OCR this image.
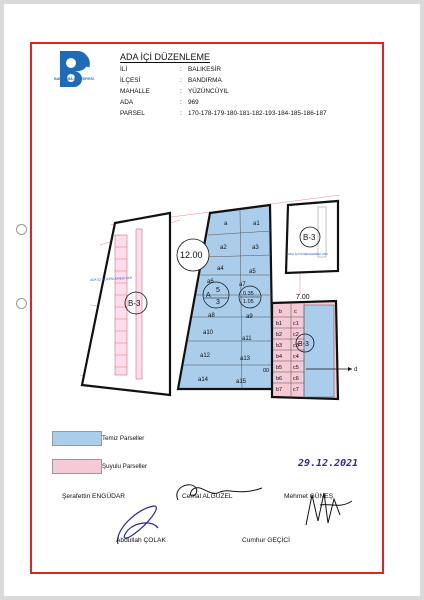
BANDIRMA BELEDİYESİ
ADA İÇİ DÜZENLEME
İLİ	: BALIKESİR
İLÇESİ	: BANDIRMA
MAHALLE	: YÜZÜNCÜYIL
ADA	: 969
PARSEL	: 170-178-179-180-181-182-193-184-185-186-187
B-3
ADA İÇİ DÜZENLEMESİ VAR
a	a1
a2	a3
a4	a5
a6	a7
a8	a9
a10
a11
a12	a13
a14	a15
12.00
A
5
3
0.35
1.05
B-3
ADA İÇİ DÜZENLEMESİ VAR
7.00
b
b1
b2
b3
b4
b5
b6
b7
c
c1
c2
c3
c4
c5
c6
c7
B-3
d
00
Temiz Parseller
Şuyulu Parseller	29.12.2021
Şerafettin ENGÜDAR	Cemal ALGÜZEL	Mehmet GÜNEŞ
Abdullah ÇOLAK	Cumhur GEÇİCİ
